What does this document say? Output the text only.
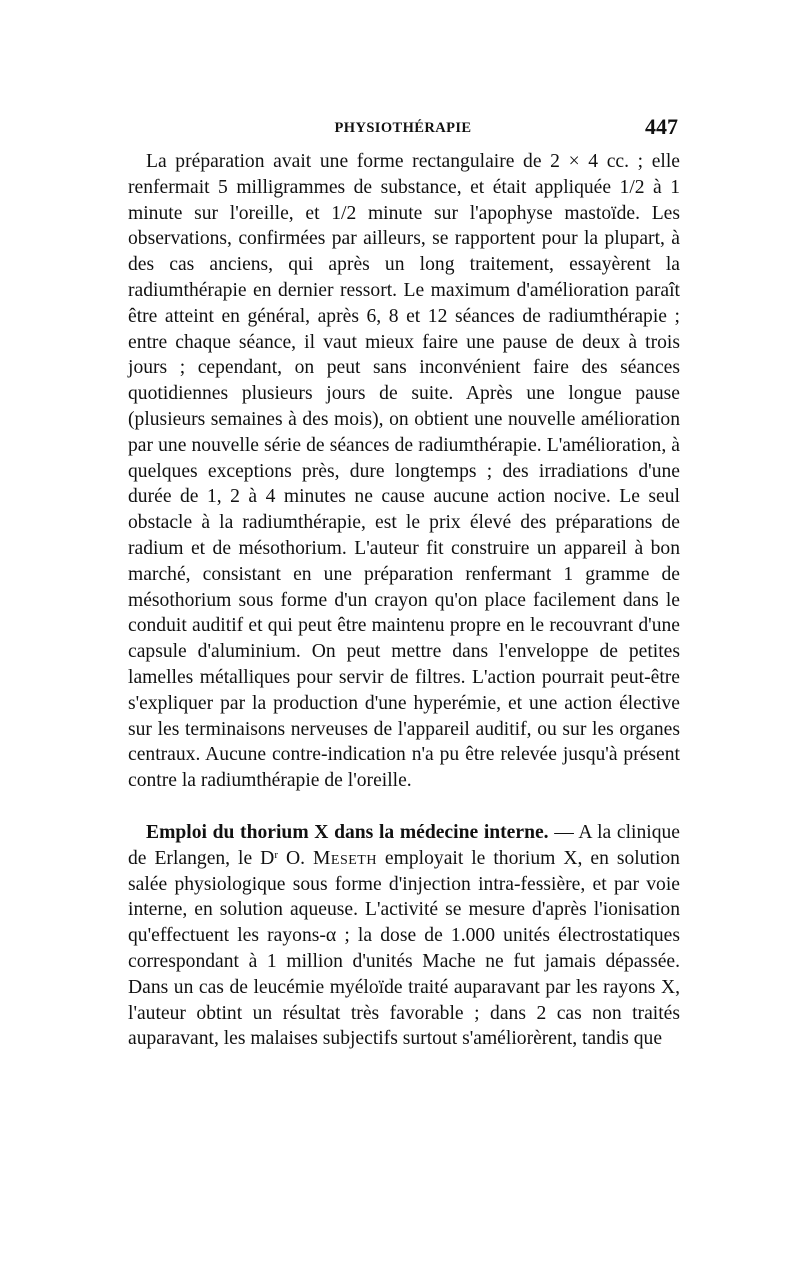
PHYSIOTHÉRAPIE	447

La préparation avait une forme rectangulaire de 2 × 4 cc. ; elle renfermait 5 milligrammes de substance, et était appliquée 1/2 à 1 minute sur l'oreille, et 1/2 minute sur l'apophyse mastoïde. Les observations, confirmées par ailleurs, se rapportent pour la plupart, à des cas anciens, qui après un long traitement, essayèrent la radiumthérapie en dernier ressort. Le maximum d'amélioration paraît être atteint en général, après 6, 8 et 12 séances de radiumthérapie ; entre chaque séance, il vaut mieux faire une pause de deux à trois jours ; cependant, on peut sans inconvénient faire des séances quotidiennes plusieurs jours de suite. Après une longue pause (plusieurs semaines à des mois), on obtient une nouvelle amélioration par une nouvelle série de séances de radiumthérapie. L'amélioration, à quelques exceptions près, dure longtemps ; des irradiations d'une durée de 1, 2 à 4 minutes ne cause aucune action nocive. Le seul obstacle à la radiumthérapie, est le prix élevé des préparations de radium et de mésothorium. L'auteur fit construire un appareil à bon marché, consistant en une préparation renfermant 1 gramme de mésothorium sous forme d'un crayon qu'on place facilement dans le conduit auditif et qui peut être maintenu propre en le recouvrant d'une capsule d'aluminium. On peut mettre dans l'enveloppe de petites lamelles métalliques pour servir de filtres. L'action pourrait peut-être s'expliquer par la production d'une hyperémie, et une action élective sur les terminaisons nerveuses de l'appareil auditif, ou sur les organes centraux. Aucune contre-indication n'a pu être relevée jusqu'à présent contre la radiumthérapie de l'oreille.

Emploi du thorium X dans la médecine interne. — A la clinique de Erlangen, le $D^r$ O. Meseth employait le thorium X, en solution salée physiologique sous forme d'injection intra-fessière, et par voie interne, en solution aqueuse. L'activité se mesure d'après l'ionisation qu'effectuent les rayons-α ; la dose de 1.000 unités électrostatiques correspondant à 1 million d'unités Mache ne fut jamais dépassée. Dans un cas de leucémie myéloïde traité auparavant par les rayons X, l'auteur obtint un résultat très favorable ; dans 2 cas non traités auparavant, les malaises subjectifs surtout s'améliorèrent, tandis que
